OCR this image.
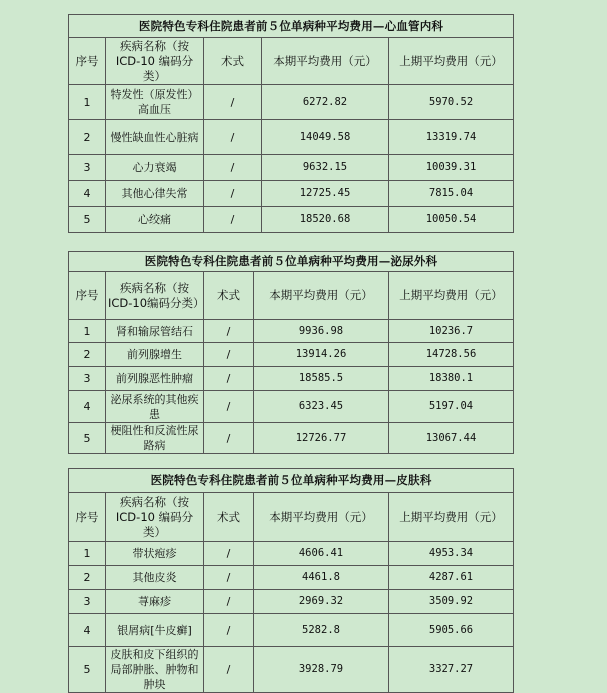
医院特色专科住院患者前５位单病种平均费用—心血管内科				
序号	疾病名称（按 ICD-10 编码分类）	术式	本期平均费用（元）	上期平均费用（元）
1	特发性（原发性）高血压	/	6272.82	5970.52
2	慢性缺血性心脏病	/	14049.58	13319.74
3	心力衰竭	/	9632.15	10039.31
4	其他心律失常	/	12725.45	7815.04
5	心绞痛	/	18520.68	10050.54
医院特色专科住院患者前５位单病种平均费用—泌尿外科				
序号	疾病名称（按 ICD-10编码分类）	术式	本期平均费用（元）	上期平均费用（元）
1	肾和输尿管结石	/	9936.98	10236.7
2	前列腺增生	/	13914.26	14728.56
3	前列腺恶性肿瘤	/	18585.5	18380.1
4	泌尿系统的其他疾患	/	6323.45	5197.04
5	梗阻性和反流性尿路病	/	12726.77	13067.44
医院特色专科住院患者前５位单病种平均费用—皮肤科				
序号	疾病名称（按 ICD-10 编码分类）	术式	本期平均费用（元）	上期平均费用（元）
1	带状疱疹	/	4606.41	4953.34
2	其他皮炎	/	4461.8	4287.61
3	荨麻疹	/	2969.32	3509.92
4	银屑病[牛皮癣]	/	5282.8	5905.66
5	皮肤和皮下组织的局部肿胀、肿物和肿块	/	3928.79	3327.27
